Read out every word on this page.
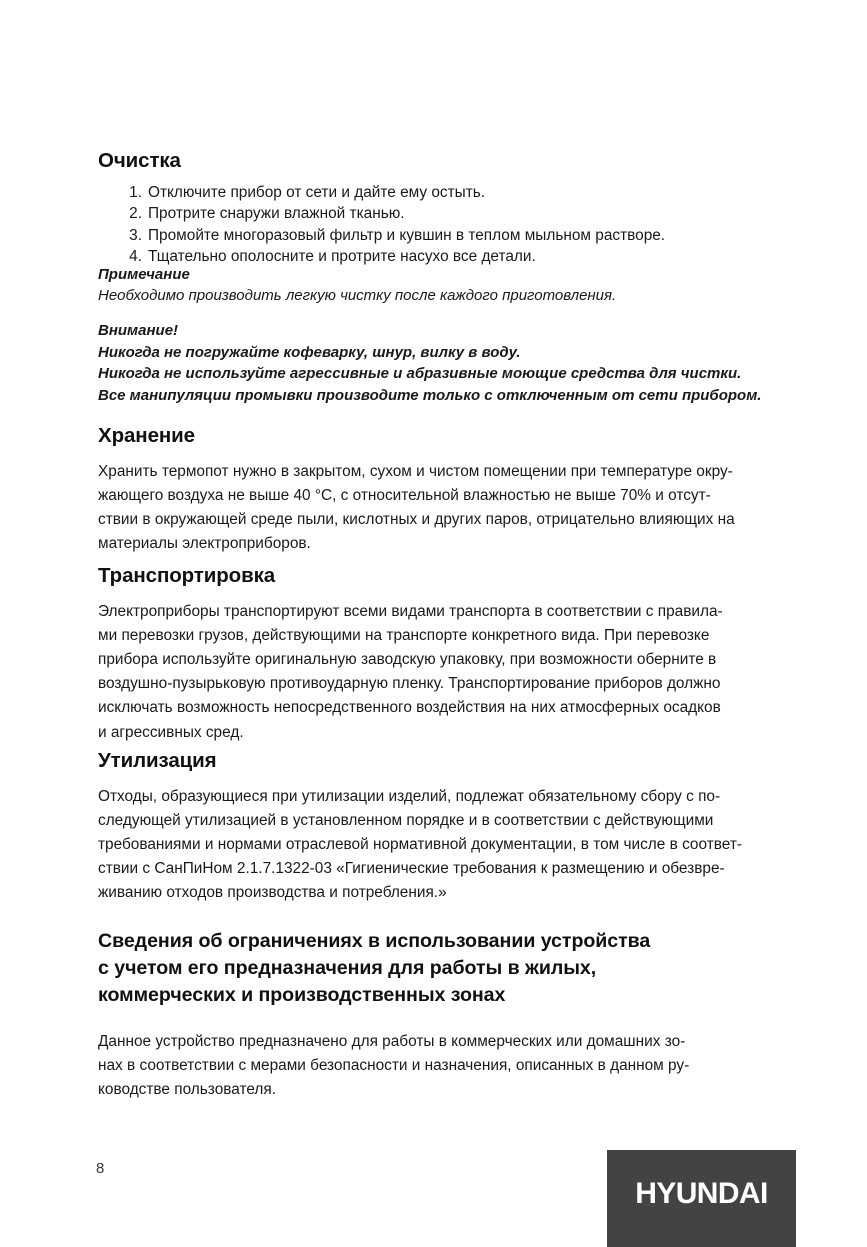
Очистка
1. Отключите прибор от сети и дайте ему остыть.
2. Протрите снаружи влажной тканью.
3. Промойте многоразовый фильтр и кувшин в теплом мыльном растворе.
4. Тщательно ополосните и протрите насухо все детали.
Примечание
Необходимо производить легкую чистку после каждого приготовления.
Внимание!
Никогда не погружайте кофеварку, шнур, вилку в воду.
Никогда не используйте агрессивные и абразивные моющие средства для чистки.
Все манипуляции промывки производите только с отключенным от сети прибором.
Хранение

Хранить термопот нужно в закрытом, сухом и чистом помещении при температуре окру-
жающего воздуха не выше 40 °С, с относительной влажностью не выше 70% и отсут-
ствии в окружающей среде пыли, кислотных и других паров, отрицательно влияющих на
материалы электроприборов.

Транспортировка

Электроприборы транспортируют всеми видами транспорта в соответствии с правила-
ми перевозки грузов, действующими на транспорте конкретного вида. При перевозке
прибора используйте оригинальную заводскую упаковку, при возможности оберните в
воздушно-пузырьковую противоударную пленку. Транспортирование приборов должно
исключать возможность непосредственного воздействия на них атмосферных осадков
и агрессивных сред.

Утилизация

Отходы, образующиеся при утилизации изделий, подлежат обязательному сбору с по-
следующей утилизацией в установленном порядке и в соответствии с действующими
требованиями и нормами отраслевой нормативной документации, в том числе в соответ-
ствии с СанПиНом 2.1.7.1322-03 «Гигиенические требования к размещению и обезвре-
живанию отходов производства и потребления.»

Сведения об ограничениях в использовании устройства
с учетом его предназначения для работы в жилых,
коммерческих и производственных зонах

Данное устройство предназначено для работы в коммерческих или домашних зо-
нах в соответствии с мерами безопасности и назначения, описанных в данном ру-
ководстве пользователя.

8
HYUNDAI
